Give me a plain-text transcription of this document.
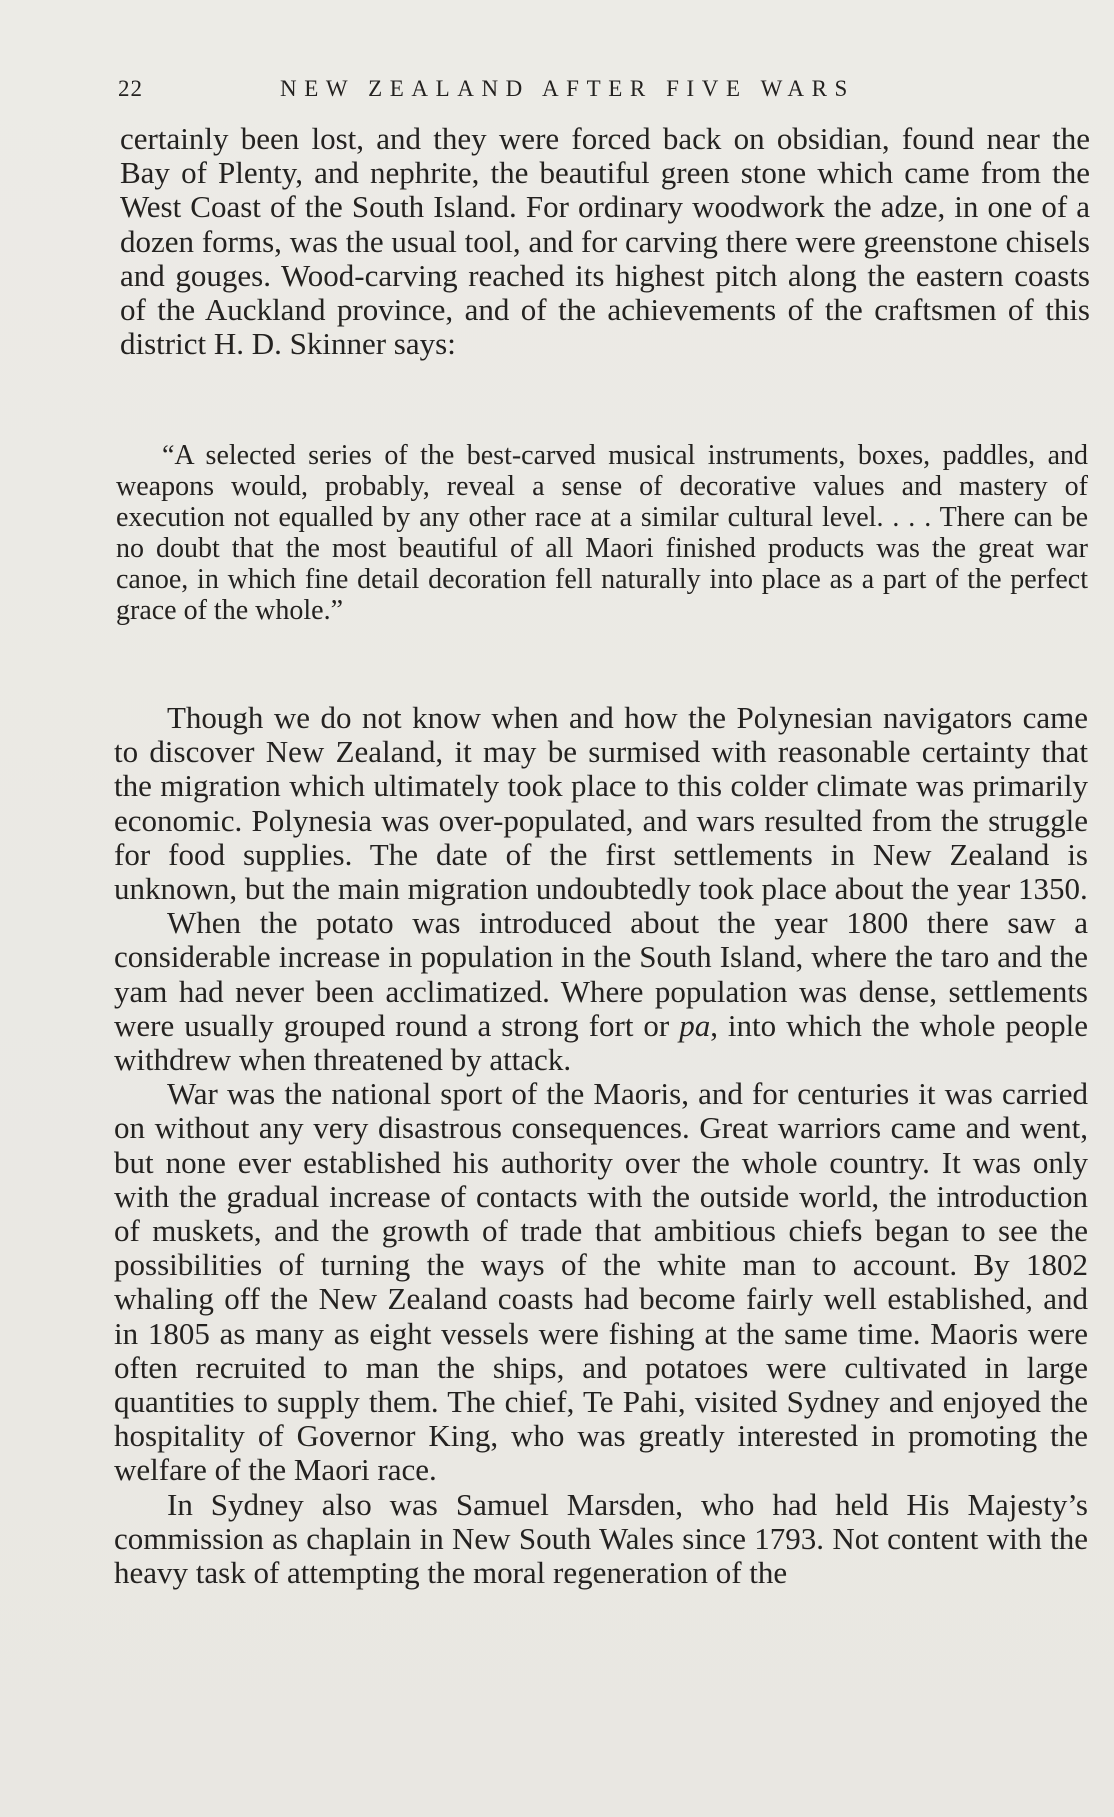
22	NEW ZEALAND AFTER FIVE WARS

certainly been lost, and they were forced back on obsidian, found near the Bay of Plenty, and nephrite, the beautiful green stone which came from the West Coast of the South Island. For ordinary woodwork the adze, in one of a dozen forms, was the usual tool, and for carving there were greenstone chisels and gouges. Wood-carving reached its highest pitch along the eastern coasts of the Auckland province, and of the achievements of the craftsmen of this district H. D. Skinner says:

“A selected series of the best-carved musical instruments, boxes, paddles, and weapons would, probably, reveal a sense of decorative values and mastery of execution not equalled by any other race at a similar cultural level. . . . There can be no doubt that the most beautiful of all Maori finished products was the great war canoe, in which fine detail decoration fell naturally into place as a part of the perfect grace of the whole.”

Though we do not know when and how the Polynesian navigators came to discover New Zealand, it may be surmised with reasonable certainty that the migration which ultimately took place to this colder climate was primarily economic. Polynesia was over-populated, and wars resulted from the struggle for food supplies. The date of the first settlements in New Zealand is unknown, but the main migration undoubtedly took place about the year 1350.

When the potato was introduced about the year 1800 there saw a considerable increase in population in the South Island, where the taro and the yam had never been acclimatized. Where population was dense, settlements were usually grouped round a strong fort or pa, into which the whole people withdrew when threatened by attack.

War was the national sport of the Maoris, and for centuries it was carried on without any very disastrous consequences. Great warriors came and went, but none ever established his authority over the whole country. It was only with the gradual increase of contacts with the outside world, the introduction of muskets, and the growth of trade that ambitious chiefs began to see the possibilities of turning the ways of the white man to account. By 1802 whaling off the New Zealand coasts had become fairly well established, and in 1805 as many as eight vessels were fishing at the same time. Maoris were often recruited to man the ships, and potatoes were cultivated in large quantities to supply them. The chief, Te Pahi, visited Sydney and enjoyed the hospitality of Governor King, who was greatly interested in promoting the welfare of the Maori race.

In Sydney also was Samuel Marsden, who had held His Majesty’s commission as chaplain in New South Wales since 1793. Not content with the heavy task of attempting the moral regeneration of the
